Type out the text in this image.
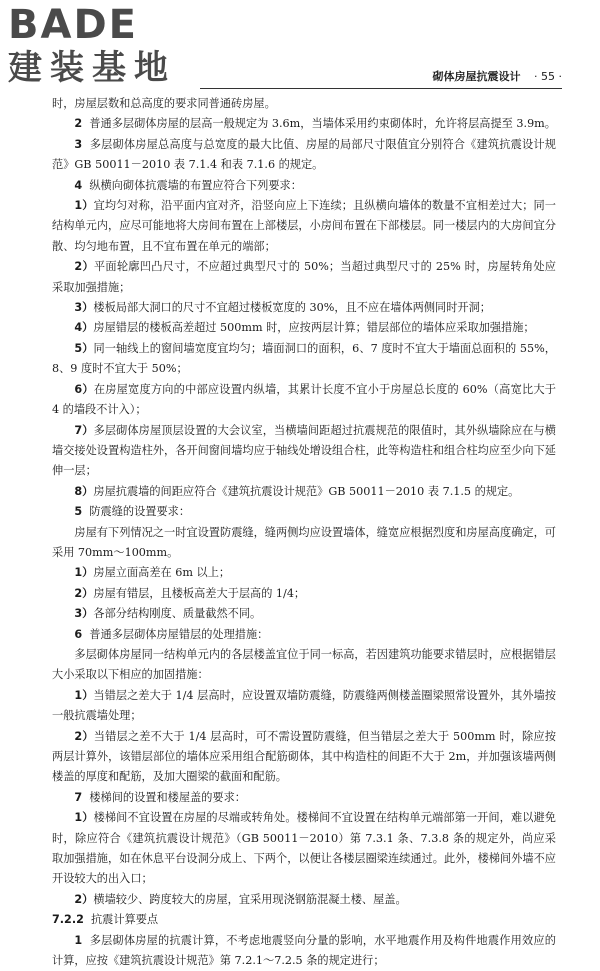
BADE
建装基地	砌体房屋抗震设计 · 55 ·

时，房屋层数和总高度的要求同普通砖房屋。

2 普通多层砌体房屋的层高一般规定为 3.6m，当墙体采用约束砌体时，允许将层高提至 3.9m。

3 多层砌体房屋总高度与总宽度的最大比值、房屋的局部尺寸限值宜分别符合《建筑抗震设计规范》GB 50011－2010 表 7.1.4 和表 7.1.6 的规定。

4 纵横向砌体抗震墙的布置应符合下列要求：

1）宜均匀对称，沿平面内宜对齐，沿竖向应上下连续；且纵横向墙体的数量不宜相差过大；同一结构单元内，应尽可能地将大房间布置在上部楼层，小房间布置在下部楼层。同一楼层内的大房间宜分散、均匀地布置，且不宜布置在单元的端部；

2）平面轮廓凹凸尺寸，不应超过典型尺寸的 50%；当超过典型尺寸的 25% 时，房屋转角处应采取加强措施；

3）楼板局部大洞口的尺寸不宜超过楼板宽度的 30%，且不应在墙体两侧同时开洞；

4）房屋错层的楼板高差超过 500mm 时，应按两层计算；错层部位的墙体应采取加强措施；

5）同一轴线上的窗间墙宽度宜均匀；墙面洞口的面积，6、7 度时不宜大于墙面总面积的 55%，8、9 度时不宜大于 50%；

6）在房屋宽度方向的中部应设置内纵墙，其累计长度不宜小于房屋总长度的 60%（高宽比大于 4 的墙段不计入）；

7）多层砌体房屋顶层设置的大会议室，当横墙间距超过抗震规范的限值时，其外纵墙除应在与横墙交接处设置构造柱外，各开间窗间墙均应于轴线处增设组合柱，此等构造柱和组合柱均应至少向下延伸一层；

8）房屋抗震墙的间距应符合《建筑抗震设计规范》GB 50011－2010 表 7.1.5 的规定。

5 防震缝的设置要求：

房屋有下列情况之一时宜设置防震缝，缝两侧均应设置墙体，缝宽应根据烈度和房屋高度确定，可采用 70mm～100mm。

1）房屋立面高差在 6m 以上；

2）房屋有错层，且楼板高差大于层高的 1/4；

3）各部分结构刚度、质量截然不同。

6 普通多层砌体房屋错层的处理措施：

多层砌体房屋同一结构单元内的各层楼盖宜位于同一标高，若因建筑功能要求错层时，应根据错层大小采取以下相应的加固措施：

1）当错层之差大于 1/4 层高时，应设置双墙防震缝，防震缝两侧楼盖圈梁照常设置外，其外墙按一般抗震墙处理；

2）当错层之差不大于 1/4 层高时，可不需设置防震缝，但当错层之差大于 500mm 时，除应按两层计算外，该错层部位的墙体应采用组合配筋砌体，其中构造柱的间距不大于 2m，并加强该墙两侧楼盖的厚度和配筋，及加大圈梁的截面和配筋。

7 楼梯间的设置和楼屋盖的要求：

1）楼梯间不宜设置在房屋的尽端或转角处。楼梯间不宜设置在结构单元端部第一开间，难以避免时，除应符合《建筑抗震设计规范》（GB 50011－2010）第 7.3.1 条、7.3.8 条的规定外，尚应采取加强措施，如在休息平台设洞分成上、下两个，以便让各楼层圈梁连续通过。此外，楼梯间外墙不应开设较大的出入口；

2）横墙较少、跨度较大的房屋，宜采用现浇钢筋混凝土楼、屋盖。

7.2.2 抗震计算要点

1 多层砌体房屋的抗震计算，不考虑地震竖向分量的影响，水平地震作用及构件地震作用效应的计算，应按《建筑抗震设计规范》第 7.2.1～7.2.5 条的规定进行；
